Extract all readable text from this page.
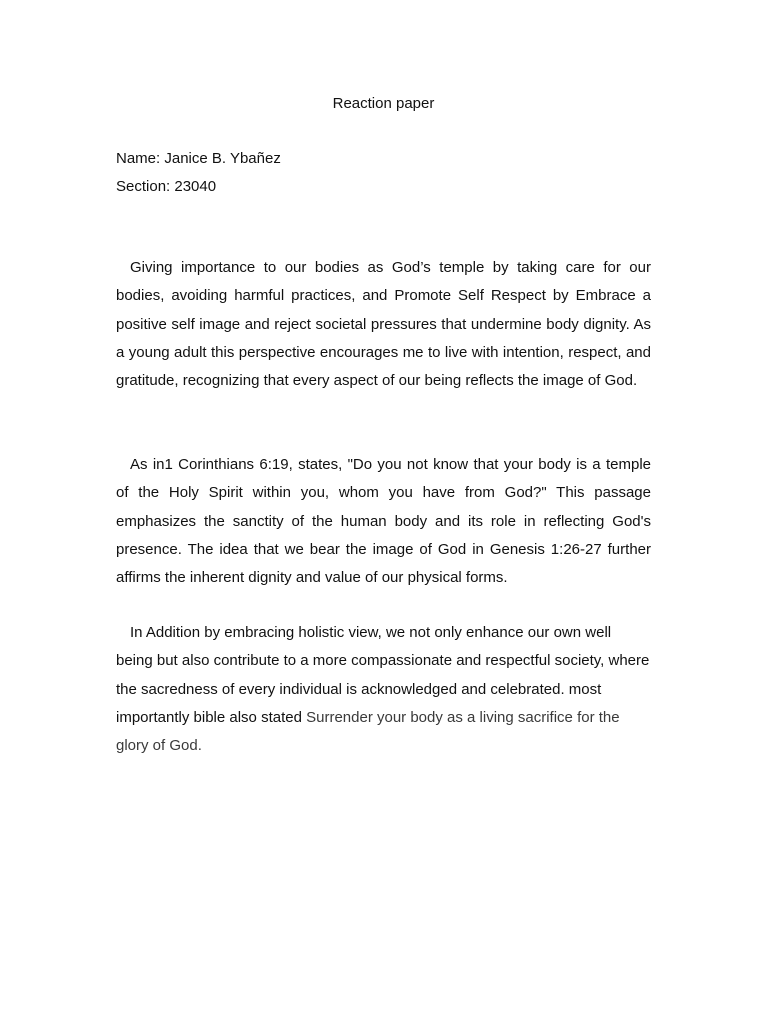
Reaction paper
Name: Janice B. Ybañez
Section: 23040

Giving importance to our bodies as God’s temple by taking care for our bodies, avoiding harmful practices, and Promote Self Respect by Embrace a positive self image and reject societal pressures that undermine body dignity. As a young adult this perspective encourages me to live with intention, respect, and gratitude, recognizing that every aspect of our being reflects the image of God.

As in1 Corinthians 6:19, states, "Do you not know that your body is a temple of the Holy Spirit within you, whom you have from God?" This passage emphasizes the sanctity of the human body and its role in reflecting God's presence. The idea that we bear the image of God in Genesis 1:26-27 further affirms the inherent dignity and value of our physical forms.

In Addition by embracing holistic view, we not only enhance our own well being but also contribute to a more compassionate and respectful society, where the sacredness of every individual is acknowledged and celebrated. most importantly bible also stated Surrender your body as a living sacrifice for the glory of God.
